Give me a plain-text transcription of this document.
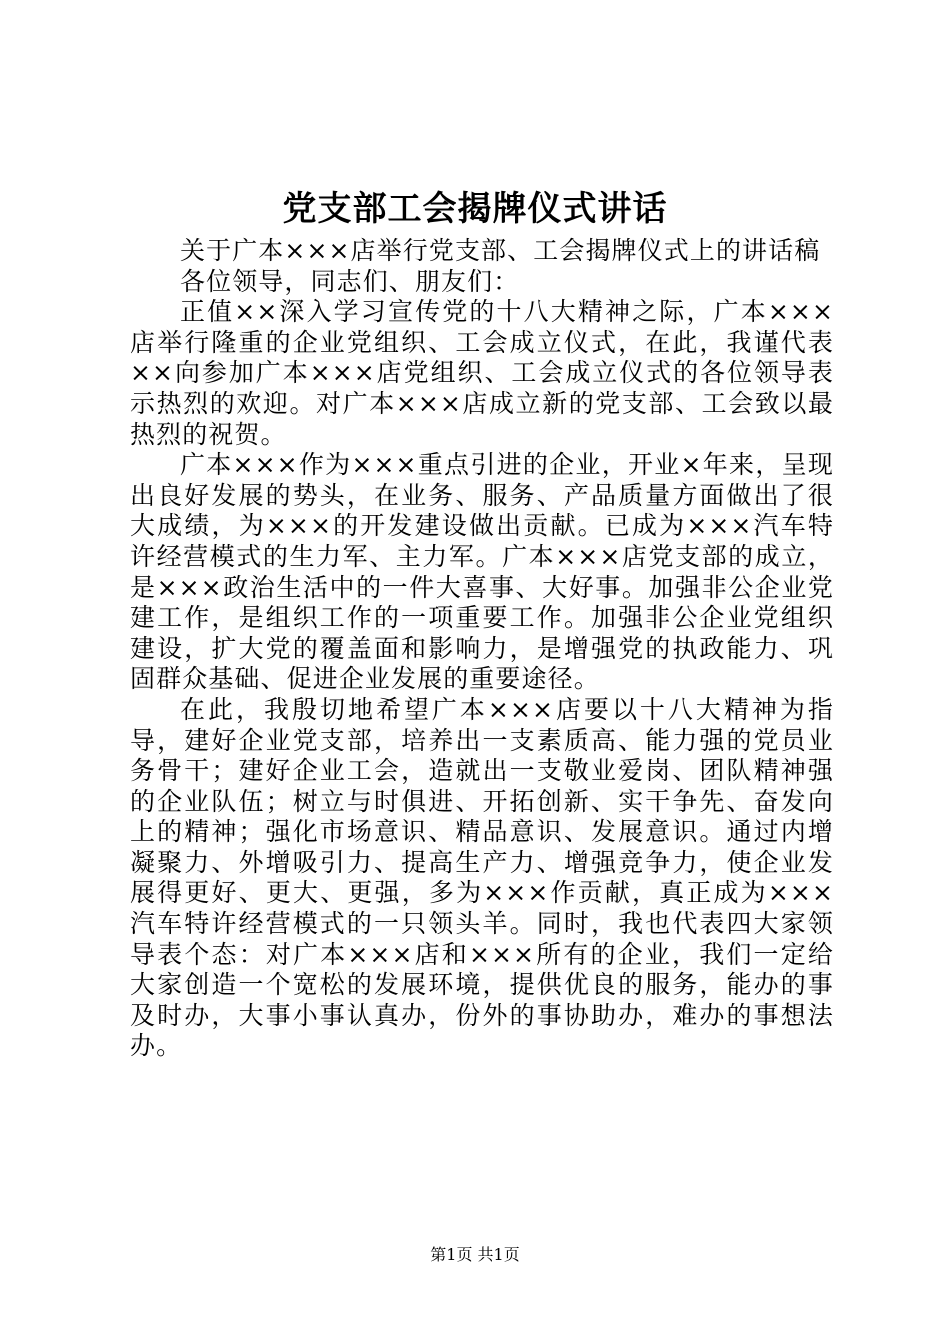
党支部工会揭牌仪式讲话

关于广本×××店举行党支部、工会揭牌仪式上的讲话稿

各位领导，同志们、朋友们：

正值××深入学习宣传党的十八大精神之际，广本×××店举行隆重的企业党组织、工会成立仪式，在此，我谨代表××向参加广本×××店党组织、工会成立仪式的各位领导表示热烈的欢迎。对广本×××店成立新的党支部、工会致以最热烈的祝贺。

广本×××作为×××重点引进的企业，开业×年来，呈现出良好发展的势头，在业务、服务、产品质量方面做出了很大成绩，为×××的开发建设做出贡献。已成为×××汽车特许经营模式的生力军、主力军。广本×××店党支部的成立，是×××政治生活中的一件大喜事、大好事。加强非公企业党建工作，是组织工作的一项重要工作。加强非公企业党组织建设，扩大党的覆盖面和影响力，是增强党的执政能力、巩固群众基础、促进企业发展的重要途径。

在此，我殷切地希望广本×××店要以十八大精神为指导，建好企业党支部，培养出一支素质高、能力强的党员业务骨干；建好企业工会，造就出一支敬业爱岗、团队精神强的企业队伍；树立与时俱进、开拓创新、实干争先、奋发向上的精神；强化市场意识、精品意识、发展意识。通过内增凝聚力、外增吸引力、提高生产力、增强竞争力，使企业发展得更好、更大、更强，多为×××作贡献，真正成为×××汽车特许经营模式的一只领头羊。同时，我也代表四大家领导表个态：对广本×××店和×××所有的企业，我们一定给大家创造一个宽松的发展环境，提供优良的服务，能办的事及时办，大事小事认真办，份外的事协助办，难办的事想法办。

第1页 共1页
